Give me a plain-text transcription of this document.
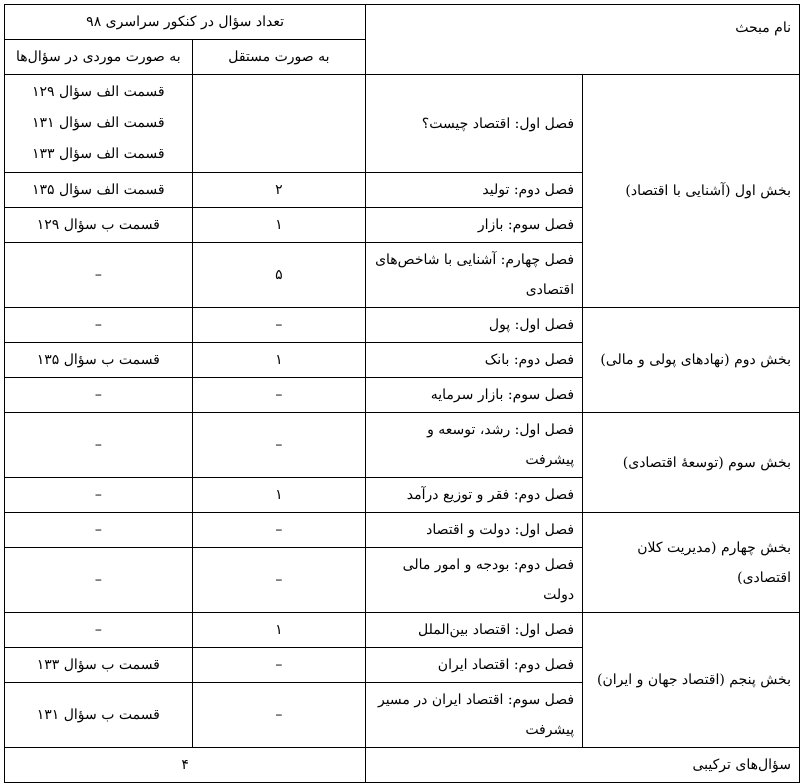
نام مبحث		تعداد سؤال در کنکور سراسری ۹۸	
		به صورت مستقل	به صورت موردی در سؤال‌ها
بخش اول (آشنایی با اقتصاد)	فصل اول: اقتصاد چیست؟		قسمت الف سؤال ۱۲۹
قسمت الف سؤال ۱۳۱
قسمت الف سؤال ۱۳۳

	فصل دوم: تولید	۲	قسمت الف سؤال ۱۳۵
	فصل سوم: بازار	۱	قسمت ب سؤال ۱۲۹
	فصل چهارم: آشنایی با شاخص‌های اقتصادی	۵	–
بخش دوم (نهادهای پولی و مالی)	فصل اول: پول	–	–
	فصل دوم: بانک	۱	قسمت ب سؤال ۱۳۵
	فصل سوم: بازار سرمایه	–	–
بخش سوم (توسعهٔ اقتصادی)	فصل اول: رشد، توسعه و پیشرفت	–	–
	فصل دوم: فقر و توزیع درآمد	۱	–
بخش چهارم (مدیریت کلان اقتصادی)	فصل اول: دولت و اقتصاد	–	–
	فصل دوم: بودجه و امور مالی دولت	–	–
بخش پنجم (اقتصاد جهان و ایران)	فصل اول: اقتصاد بین‌الملل	۱	–
	فصل دوم: اقتصاد ایران	–	قسمت ب سؤال ۱۳۳
	فصل سوم: اقتصاد ایران در مسیر پیشرفت	–	قسمت ب سؤال ۱۳۱
سؤال‌های ترکیبی		۴	
